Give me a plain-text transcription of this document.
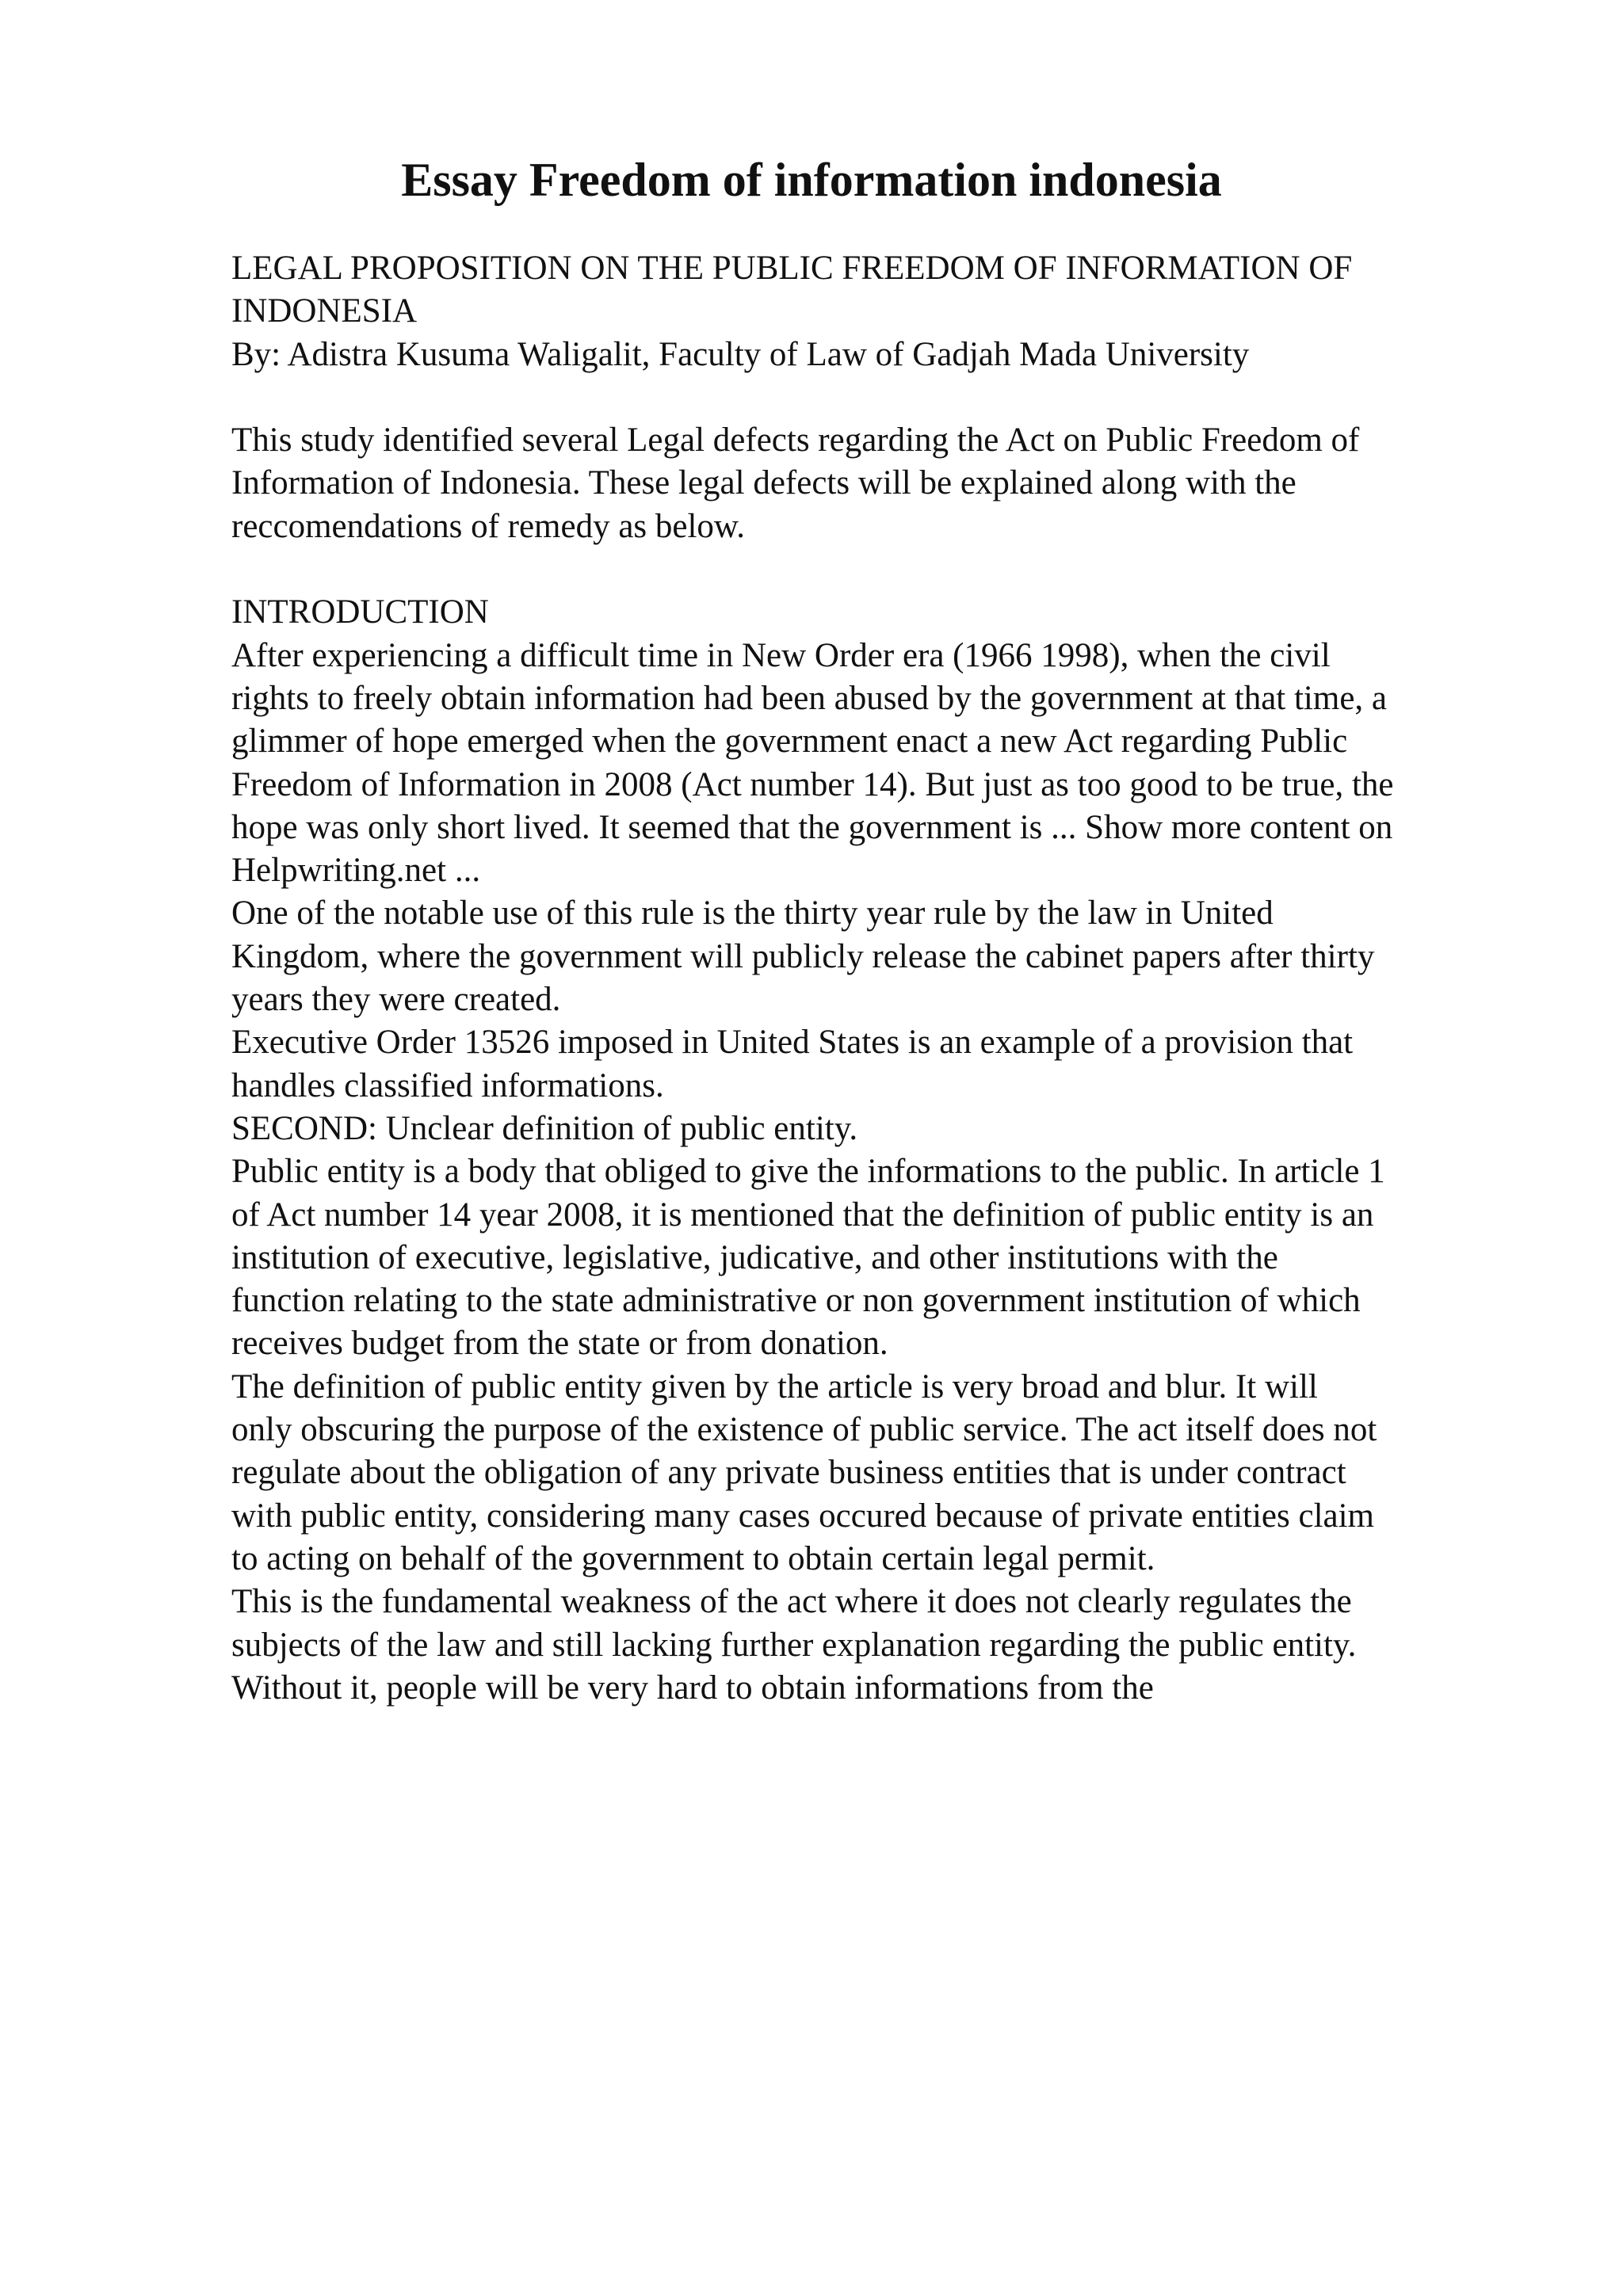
Essay Freedom of information indonesia
LEGAL PROPOSITION ON THE PUBLIC FREEDOM OF INFORMATION OF
INDONESIA
By: Adistra Kusuma Waligalit, Faculty of Law of Gadjah Mada University
This study identified several Legal defects regarding the Act on Public Freedom of
Information of Indonesia. These legal defects will be explained along with the
reccomendations of remedy as below.
INTRODUCTION
After experiencing a difficult time in New Order era (1966 1998), when the civil
rights to freely obtain information had been abused by the government at that time, a
glimmer of hope emerged when the government enact a new Act regarding Public
Freedom of Information in 2008 (Act number 14). But just as too good to be true, the
hope was only short lived. It seemed that the government is ... Show more content on
Helpwriting.net ...
One of the notable use of this rule is the thirty year rule by the law in United
Kingdom, where the government will publicly release the cabinet papers after thirty
years they were created.
Executive Order 13526 imposed in United States is an example of a provision that
handles classified informations.
SECOND: Unclear definition of public entity.
Public entity is a body that obliged to give the informations to the public. In article 1
of Act number 14 year 2008, it is mentioned that the definition of public entity is an
institution of executive, legislative, judicative, and other institutions with the
function relating to the state administrative or non government institution of which
receives budget from the state or from donation.
The definition of public entity given by the article is very broad and blur. It will
only obscuring the purpose of the existence of public service. The act itself does not
regulate about the obligation of any private business entities that is under contract
with public entity, considering many cases occured because of private entities claim
to acting on behalf of the government to obtain certain legal permit.
This is the fundamental weakness of the act where it does not clearly regulates the
subjects of the law and still lacking further explanation regarding the public entity.
Without it, people will be very hard to obtain informations from the
